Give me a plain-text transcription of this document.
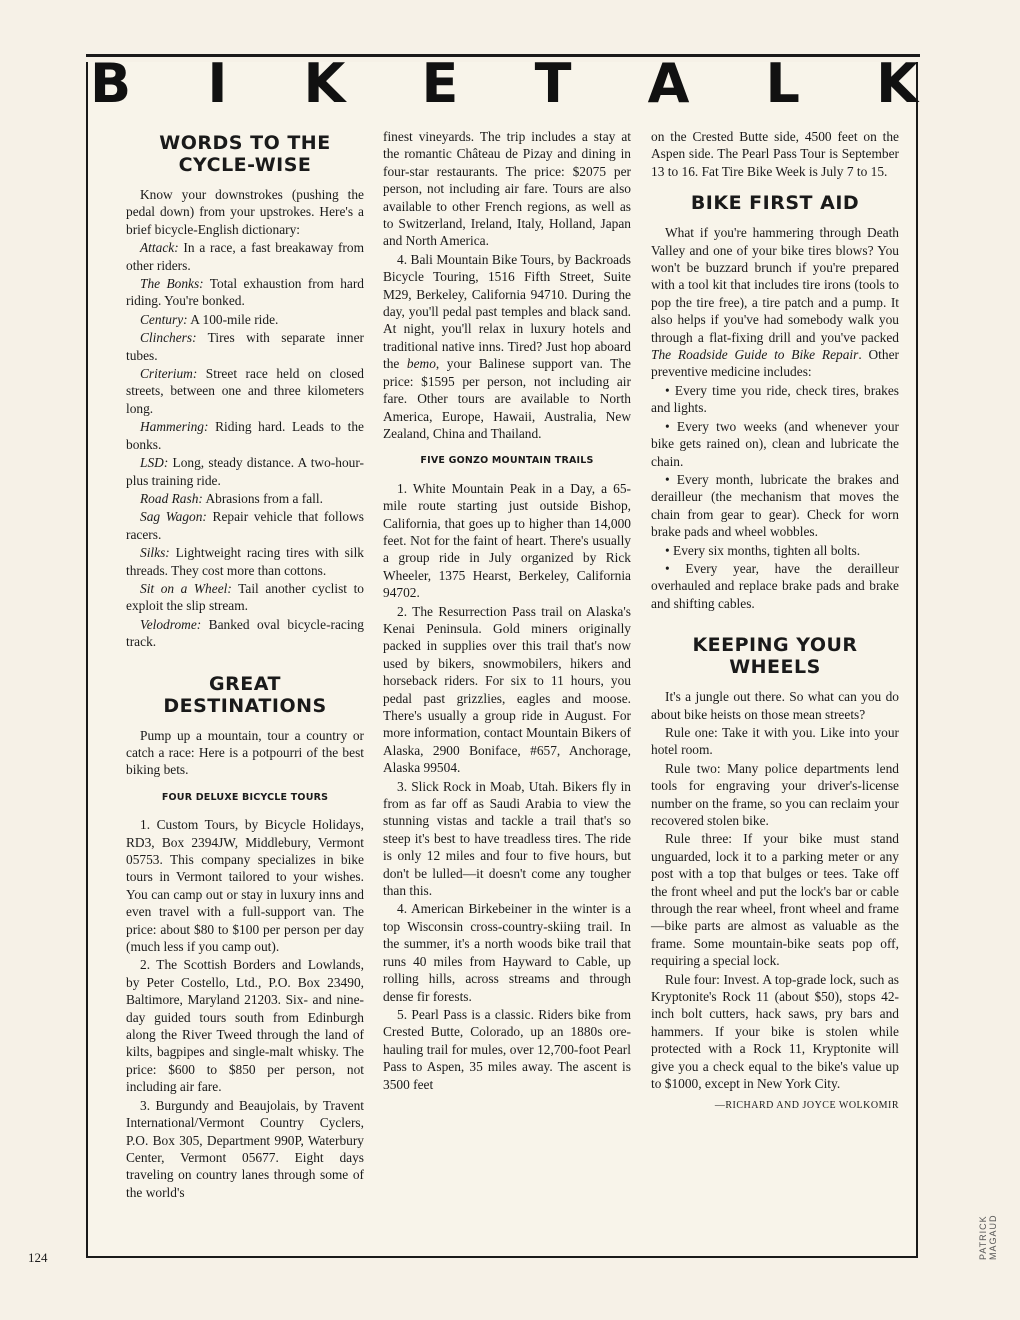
B I K E T A L K
WORDS TO THE CYCLE-WISE

Know your downstrokes (pushing the pedal down) from your upstrokes. Here's a brief bicycle-English dictionary:

Attack: In a race, a fast breakaway from other riders.

The Bonks: Total exhaustion from hard riding. You're bonked.

Century: A 100-mile ride.

Clinchers: Tires with separate inner tubes.

Criterium: Street race held on closed streets, between one and three kilometers long.

Hammering: Riding hard. Leads to the bonks.

LSD: Long, steady distance. A two-hour-plus training ride.

Road Rash: Abrasions from a fall.

Sag Wagon: Repair vehicle that follows racers.

Silks: Lightweight racing tires with silk threads. They cost more than cottons.

Sit on a Wheel: Tail another cyclist to exploit the slip stream.

Velodrome: Banked oval bicycle-racing track.

GREAT DESTINATIONS

Pump up a mountain, tour a country or catch a race: Here is a potpourri of the best biking bets.

FOUR DELUXE BICYCLE TOURS

1. Custom Tours, by Bicycle Holidays, RD3, Box 2394JW, Middlebury, Vermont 05753. This company specializes in bike tours in Vermont tailored to your wishes. You can camp out or stay in luxury inns and even travel with a full-support van. The price: about $80 to $100 per person per day (much less if you camp out).

2. The Scottish Borders and Lowlands, by Peter Costello, Ltd., P.O. Box 23490, Baltimore, Maryland 21203. Six- and nine-day guided tours south from Edinburgh along the River Tweed through the land of kilts, bagpipes and single-malt whisky. The price: $600 to $850 per person, not including air fare.

3. Burgundy and Beaujolais, by Travent International/Vermont Country Cyclers, P.O. Box 305, Department 990P, Waterbury Center, Vermont 05677. Eight days traveling on country lanes through some of the world's

finest vineyards. The trip includes a stay at the romantic Château de Pizay and dining in four-star restaurants. The price: $2075 per person, not including air fare. Tours are also available to other French regions, as well as to Switzerland, Ireland, Italy, Holland, Japan and North America.

4. Bali Mountain Bike Tours, by Backroads Bicycle Touring, 1516 Fifth Street, Suite M29, Berkeley, California 94710. During the day, you'll pedal past temples and black sand. At night, you'll relax in luxury hotels and traditional native inns. Tired? Just hop aboard the bemo, your Balinese support van. The price: $1595 per person, not including air fare. Other tours are available to North America, Europe, Hawaii, Australia, New Zealand, China and Thailand.

FIVE GONZO MOUNTAIN TRAILS

1. White Mountain Peak in a Day, a 65-mile route starting just outside Bishop, California, that goes up to higher than 14,000 feet. Not for the faint of heart. There's usually a group ride in July organized by Rick Wheeler, 1375 Hearst, Berkeley, California 94702.

2. The Resurrection Pass trail on Alaska's Kenai Peninsula. Gold miners originally packed in supplies over this trail that's now used by bikers, snowmobilers, hikers and horseback riders. For six to 11 hours, you pedal past grizzlies, eagles and moose. There's usually a group ride in August. For more information, contact Mountain Bikers of Alaska, 2900 Boniface, #657, Anchorage, Alaska 99504.

3. Slick Rock in Moab, Utah. Bikers fly in from as far off as Saudi Arabia to view the stunning vistas and tackle a trail that's so steep it's best to have treadless tires. The ride is only 12 miles and four to five hours, but don't be lulled—it doesn't come any tougher than this.

4. American Birkebeiner in the winter is a top Wisconsin cross-country-skiing trail. In the summer, it's a north woods bike trail that runs 40 miles from Hayward to Cable, up rolling hills, across streams and through dense fir forests.

5. Pearl Pass is a classic. Riders bike from Crested Butte, Colorado, up an 1880s ore-hauling trail for mules, over 12,700-foot Pearl Pass to Aspen, 35 miles away. The ascent is 3500 feet

on the Crested Butte side, 4500 feet on the Aspen side. The Pearl Pass Tour is September 13 to 16. Fat Tire Bike Week is July 7 to 15.

BIKE FIRST AID

What if you're hammering through Death Valley and one of your bike tires blows? You won't be buzzard brunch if you're prepared with a tool kit that includes tire irons (tools to pop the tire free), a tire patch and a pump. It also helps if you've had somebody walk you through a flat-fixing drill and you've packed The Roadside Guide to Bike Repair. Other preventive medicine includes:

• Every time you ride, check tires, brakes and lights.

• Every two weeks (and whenever your bike gets rained on), clean and lubricate the chain.

• Every month, lubricate the brakes and derailleur (the mechanism that moves the chain from gear to gear). Check for worn brake pads and wheel wobbles.

• Every six months, tighten all bolts.

• Every year, have the derailleur overhauled and replace brake pads and brake and shifting cables.

KEEPING YOUR WHEELS

It's a jungle out there. So what can you do about bike heists on those mean streets?

Rule one: Take it with you. Like into your hotel room.

Rule two: Many police departments lend tools for engraving your driver's-license number on the frame, so you can reclaim your recovered stolen bike.

Rule three: If your bike must stand unguarded, lock it to a parking meter or any post with a top that bulges or tees. Take off the front wheel and put the lock's bar or cable through the rear wheel, front wheel and frame—bike parts are almost as valuable as the frame. Some mountain-bike seats pop off, requiring a special lock.

Rule four: Invest. A top-grade lock, such as Kryptonite's Rock 11 (about $50), stops 42-inch bolt cutters, hack saws, pry bars and hammers. If your bike is stolen while protected with a Rock 11, Kryptonite will give you a check equal to the bike's value up to $1000, except in New York City.

—RICHARD AND JOYCE WOLKOMIR
124	PATRICK MAGAUD
